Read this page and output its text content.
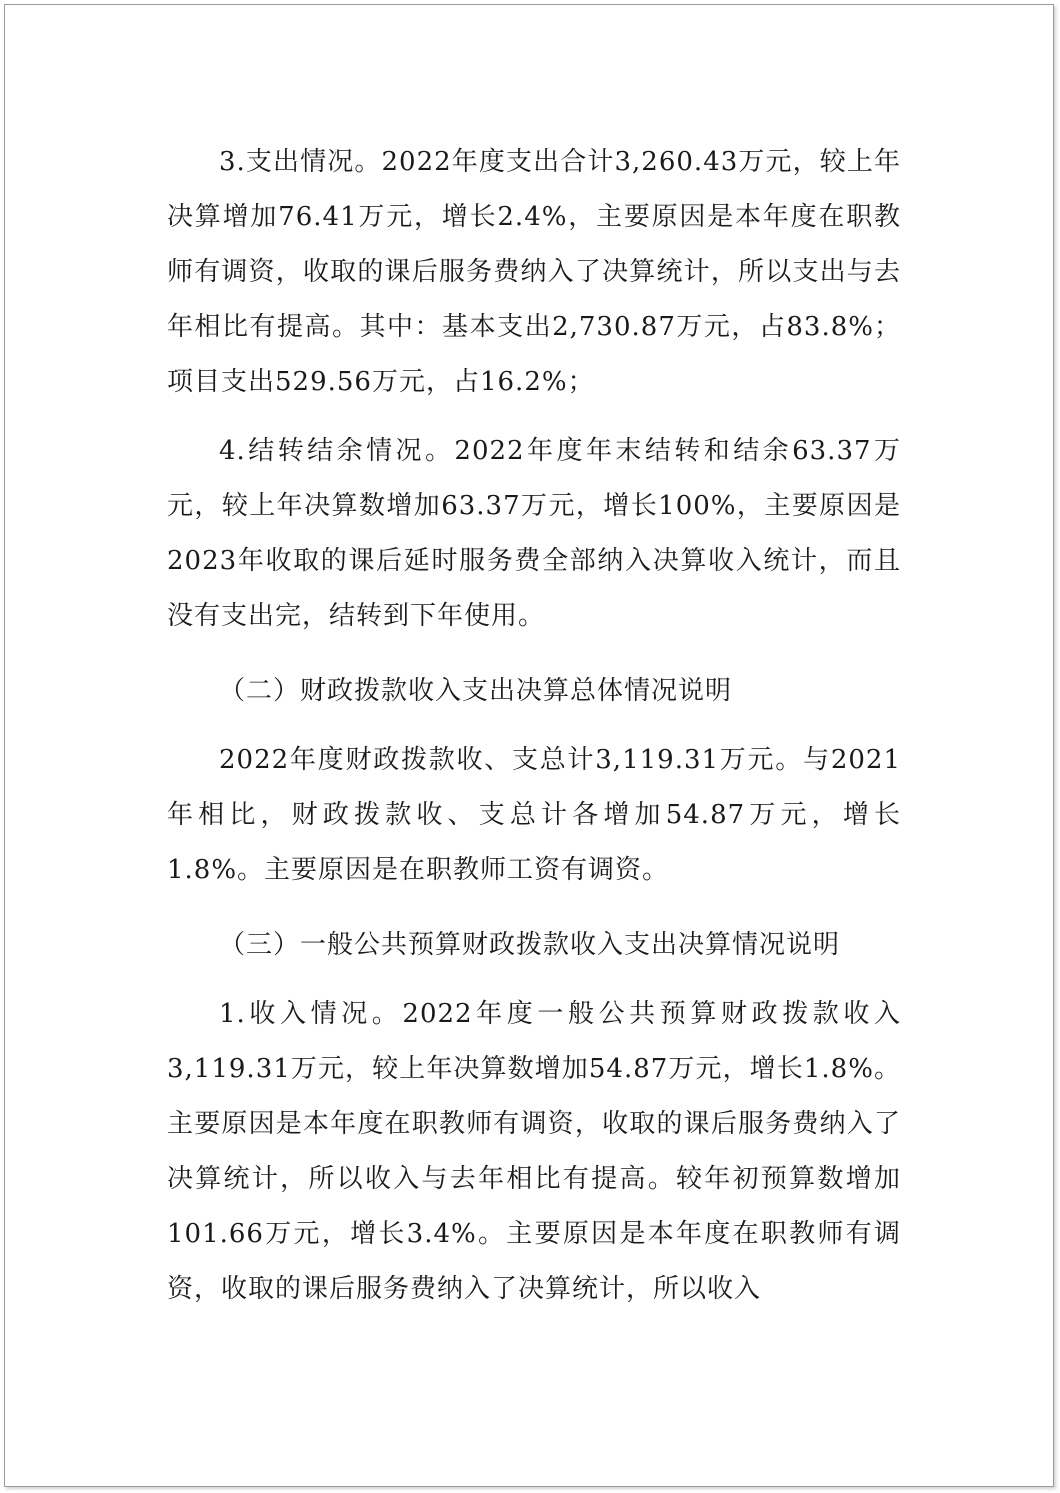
3.支出情况。2022年度支出合计3,260.43万元，较上年决算增加76.41万元，增长2.4%，主要原因是本年度在职教师有调资，收取的课后服务费纳入了决算统计，所以支出与去年相比有提高。其中：基本支出2,730.87万元，占83.8%；项目支出529.56万元，占16.2%；

4.结转结余情况。2022年度年末结转和结余63.37万元，较上年决算数增加63.37万元，增长100%，主要原因是2023年收取的课后延时服务费全部纳入决算收入统计，而且没有支出完，结转到下年使用。

（二）财政拨款收入支出决算总体情况说明

2022年度财政拨款收、支总计3,119.31万元。与2021年相比，财政拨款收、支总计各增加54.87万元，增长1.8%。主要原因是在职教师工资有调资。

（三）一般公共预算财政拨款收入支出决算情况说明

1.收入情况。2022年度一般公共预算财政拨款收入3,119.31万元，较上年决算数增加54.87万元，增长1.8%。主要原因是本年度在职教师有调资，收取的课后服务费纳入了决算统计，所以收入与去年相比有提高。较年初预算数增加101.66万元，增长3.4%。主要原因是本年度在职教师有调资，收取的课后服务费纳入了决算统计，所以收入
